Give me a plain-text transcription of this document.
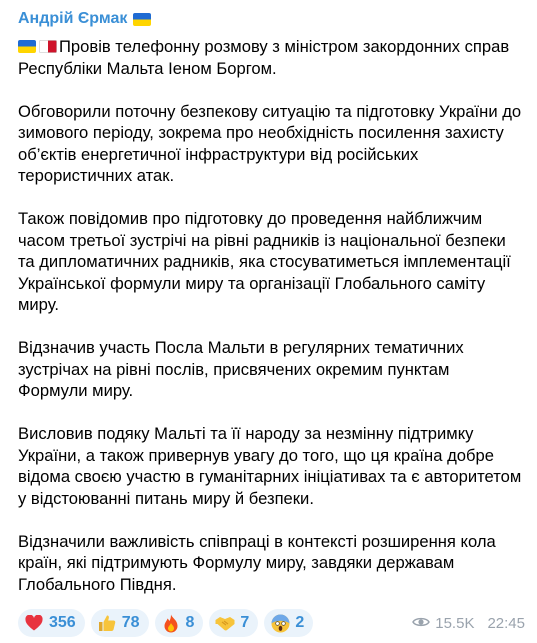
Андрій Єрмак

Провів телефонну розмову з міністром закордонних справ Республіки Мальта Іеном Боргом.

Обговорили поточну безпекову ситуацію та підготовку України до зимового періоду, зокрема про необхідність посилення захисту об’єктів енергетичної інфраструктури від російських терористичних атак.

Також повідомив про підготовку до проведення найближчим часом третьої зустрічі на рівні радників із національної безпеки та дипломатичних радників, яка стосуватиметься імплементації Української формули миру та організації Глобального саміту миру.

Відзначив участь Посла Мальти в регулярних тематичних зустрічах на рівні послів, присвячених окремим пунктам Формули миру.

Висловив подяку Мальті та її народу за незмінну підтримку України, а також привернув увагу до того, що ця країна добре відома своєю участю в гуманітарних ініціативах та є авторитетом у відстоюванні питань миру й безпеки.

Відзначили важливість співпраці в контексті розширення кола країн, які підтримують Формулу миру, завдяки державам Глобального Півдня.

356	78	8	7	2	15.5K 22:45
